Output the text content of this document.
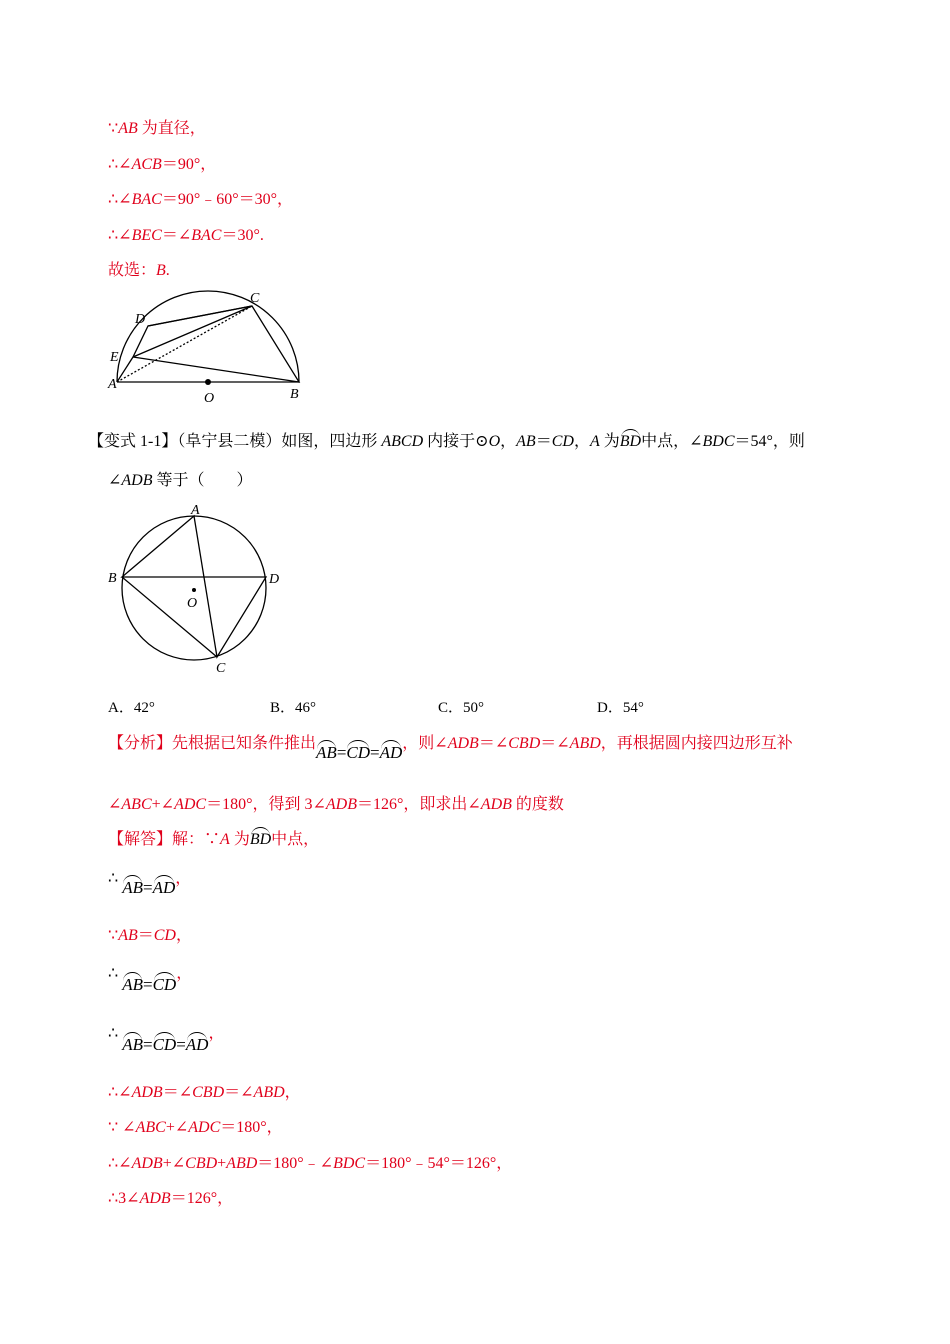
∵AB 为直径，
∴∠ACB＝90°，
∴∠BAC＝90°﹣60°＝30°，
∴∠BEC＝∠BAC＝30°.
故选：B.
D
C
E
A
O	B
【变式 1-1】（阜宁县二模）如图，四边形 ABCD 内接于⊙O，AB＝CD，A 为BD中点，∠BDC＝54°，则
∠ADB 等于（　　）
A
B	D
O
C
A．42°	B．46°	C．50°	D．54°
【分析】先根据已知条件推出AB=CD=AD，则∠ADB＝∠CBD＝∠ABD，再根据圆内接四边形互补
∠ABC+∠ADC＝180°，得到 3∠ADB＝126°，即求出∠ADB 的度数
【解答】解：∵A 为BD中点，
∴ AB=AD，
∵AB＝CD，
∴ AB=CD，
∴ AB=CD=AD，
∴∠ADB＝∠CBD＝∠ABD，
∵ ∠ABC+∠ADC＝180°，
∴∠ADB+∠CBD+ABD＝180°﹣∠BDC＝180°﹣54°＝126°，
∴3∠ADB＝126°，
